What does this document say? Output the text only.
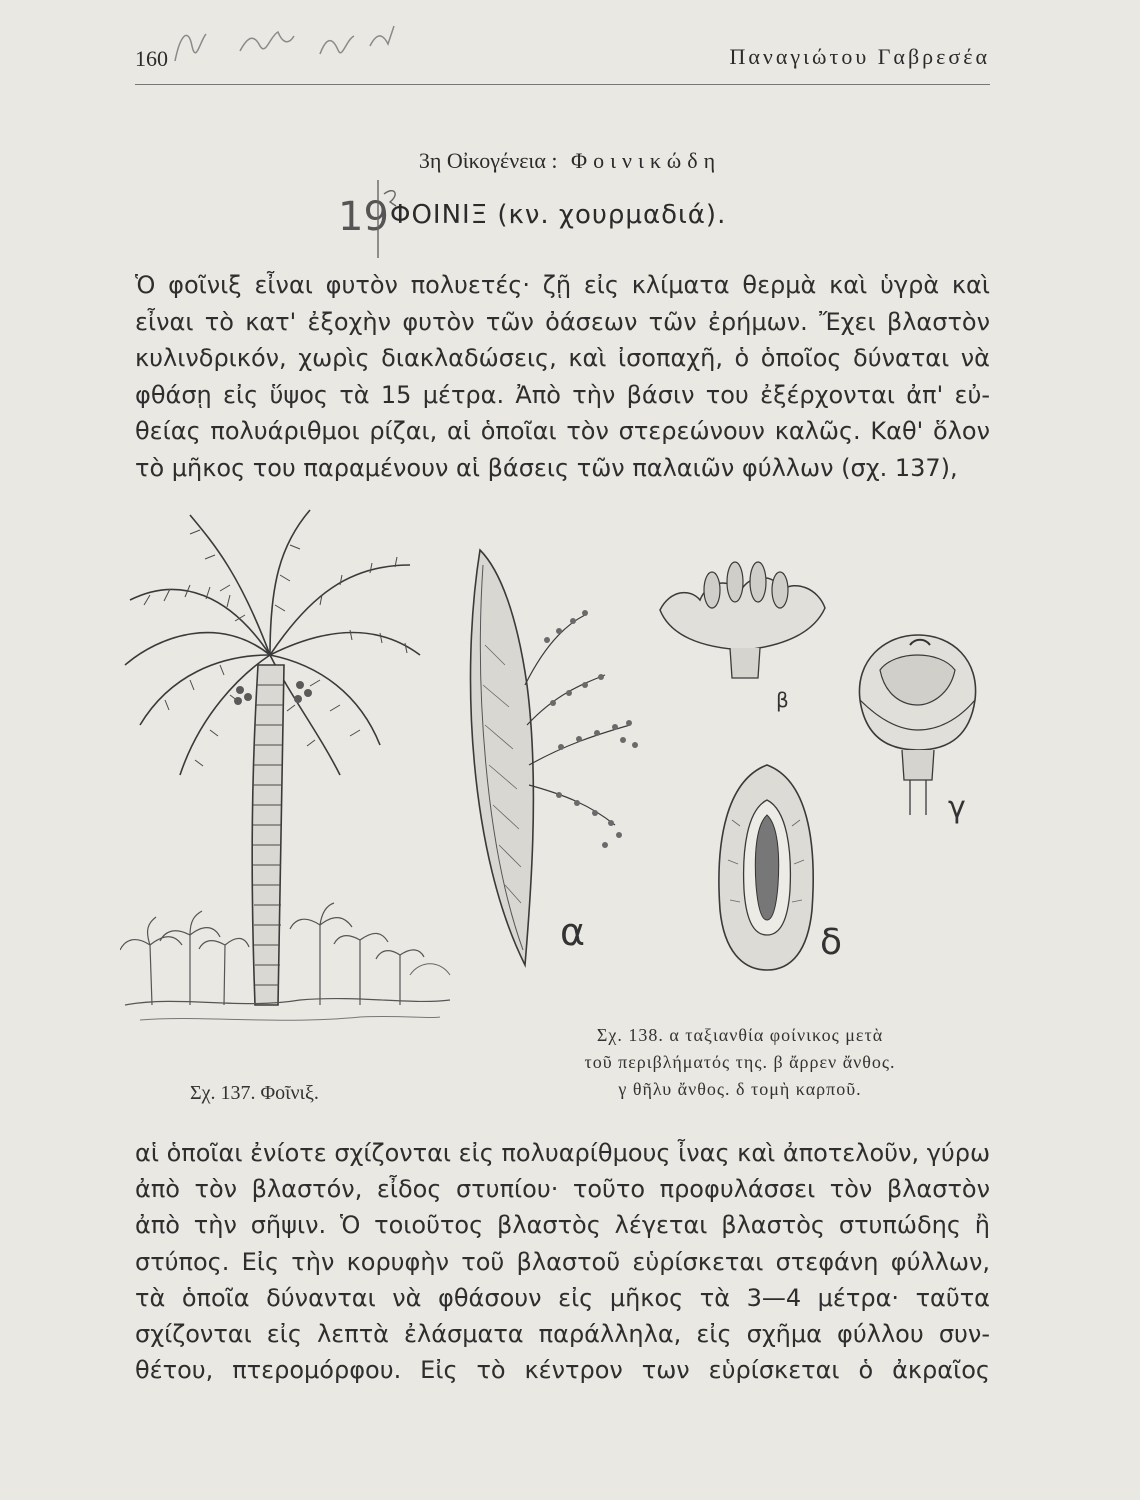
160	Παναγιώτου Γαβρεσέα
3η Οἰκογένεια : Φοινικώδη
19 ΦΟΙΝΙΞ (κν. χουρμαδιά).
Ὁ φοῖνιξ εἶναι φυτὸν πολυετές· ζῇ εἰς κλίματα θερμὰ καὶ ὑγρὰ καὶ
εἶναι τὸ κατ' ἐξοχὴν φυτὸν τῶν ὀάσεων τῶν ἐρήμων. Ἔχει βλαστὸν
κυλινδρικόν, χωρὶς διακλαδώσεις, καὶ ἰσοπαχῆ, ὁ ὁποῖος δύναται νὰ
φθάσῃ εἰς ὕψος τὰ 15 μέτρα. Ἀπὸ τὴν βάσιν του ἐξέρχονται ἀπ' εὐ-
θείας πολυάριθμοι ρίζαι, αἱ ὁποῖαι τὸν στερεώνουν καλῶς. Καθ' ὅλον
τὸ μῆκος του παραμένουν αἱ βάσεις τῶν παλαιῶν φύλλων (σχ. 137),
Σχ. 137. Φοῖνιξ.
α
β
γ
δ
Σχ. 138. α ταξιανθία φοίνικος μετὰ
τοῦ περιβλήματός της. β ἄρρεν ἄνθος.
γ θῆλυ ἄνθος. δ τομὴ καρποῦ.
αἱ ὁποῖαι ἐνίοτε σχίζονται εἰς πολυαρίθμους ἶνας καὶ ἀποτελοῦν, γύρω
ἀπὸ τὸν βλαστόν, εἶδος στυπίου· τοῦτο προφυλάσσει τὸν βλαστὸν
ἀπὸ τὴν σῆψιν. Ὁ τοιοῦτος βλαστὸς λέγεται βλαστὸς στυπώδης ἢ
στύπος. Εἰς τὴν κορυφὴν τοῦ βλαστοῦ εὑρίσκεται στεφάνη φύλλων,
τὰ ὁποῖα δύνανται νὰ φθάσουν εἰς μῆκος τὰ 3—4 μέτρα· ταῦτα
σχίζονται εἰς λεπτὰ ἐλάσματα παράλληλα, εἰς σχῆμα φύλλου συν-
θέτου, πτερομόρφου. Εἰς τὸ κέντρον των εὑρίσκεται ὁ ἀκραῖος
